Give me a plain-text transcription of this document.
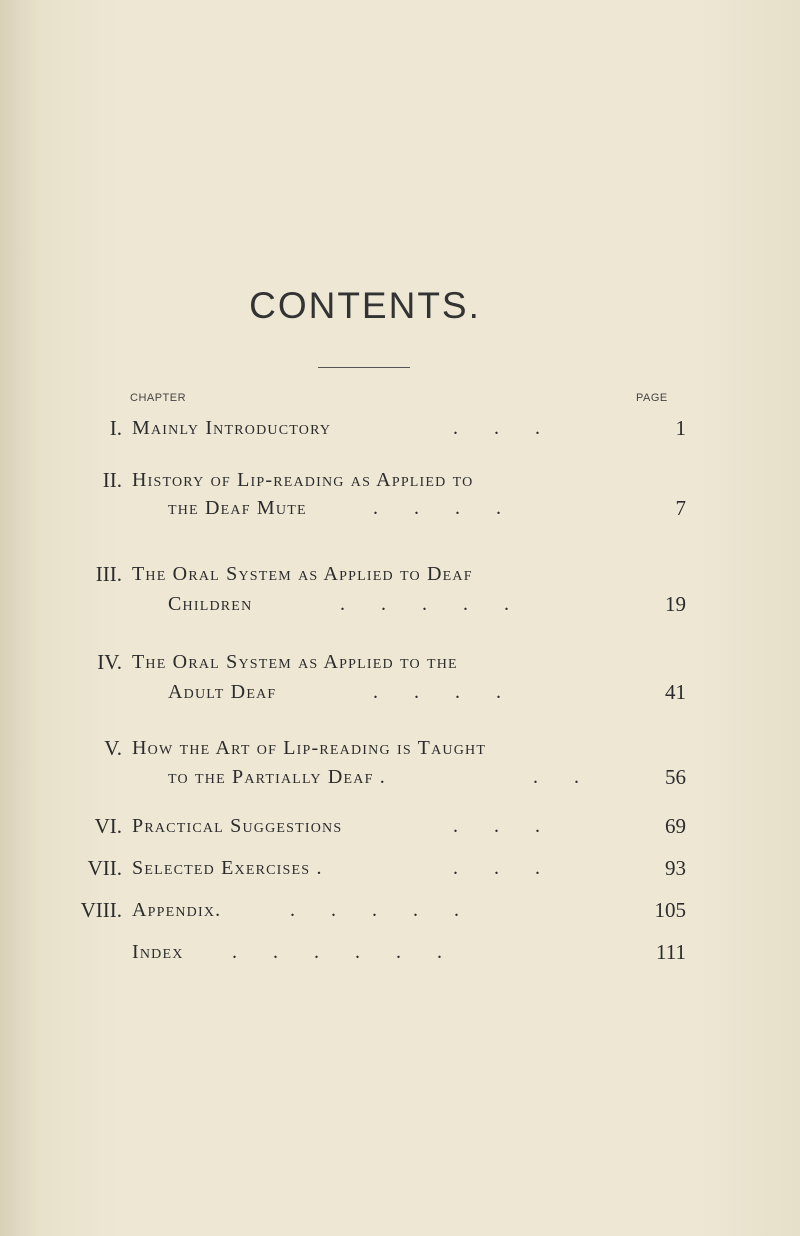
CONTENTS.
CHAPTER	PAGE
I. Mainly Introductory	. . .	1
II. History of Lip-reading as Applied to
the Deaf Mute	. . . .	7
III. The Oral System as Applied to Deaf
Children	. . . . .	19
IV. The Oral System as Applied to the
Adult Deaf	. . . .	41
V. How the Art of Lip-reading is Taught
to the Partially Deaf .	. .	56
VI. Practical Suggestions	. . .	69
VII. Selected Exercises .	. . .	93
VIII. Appendix.	. . . . .	105
Index . . . . . .	111
